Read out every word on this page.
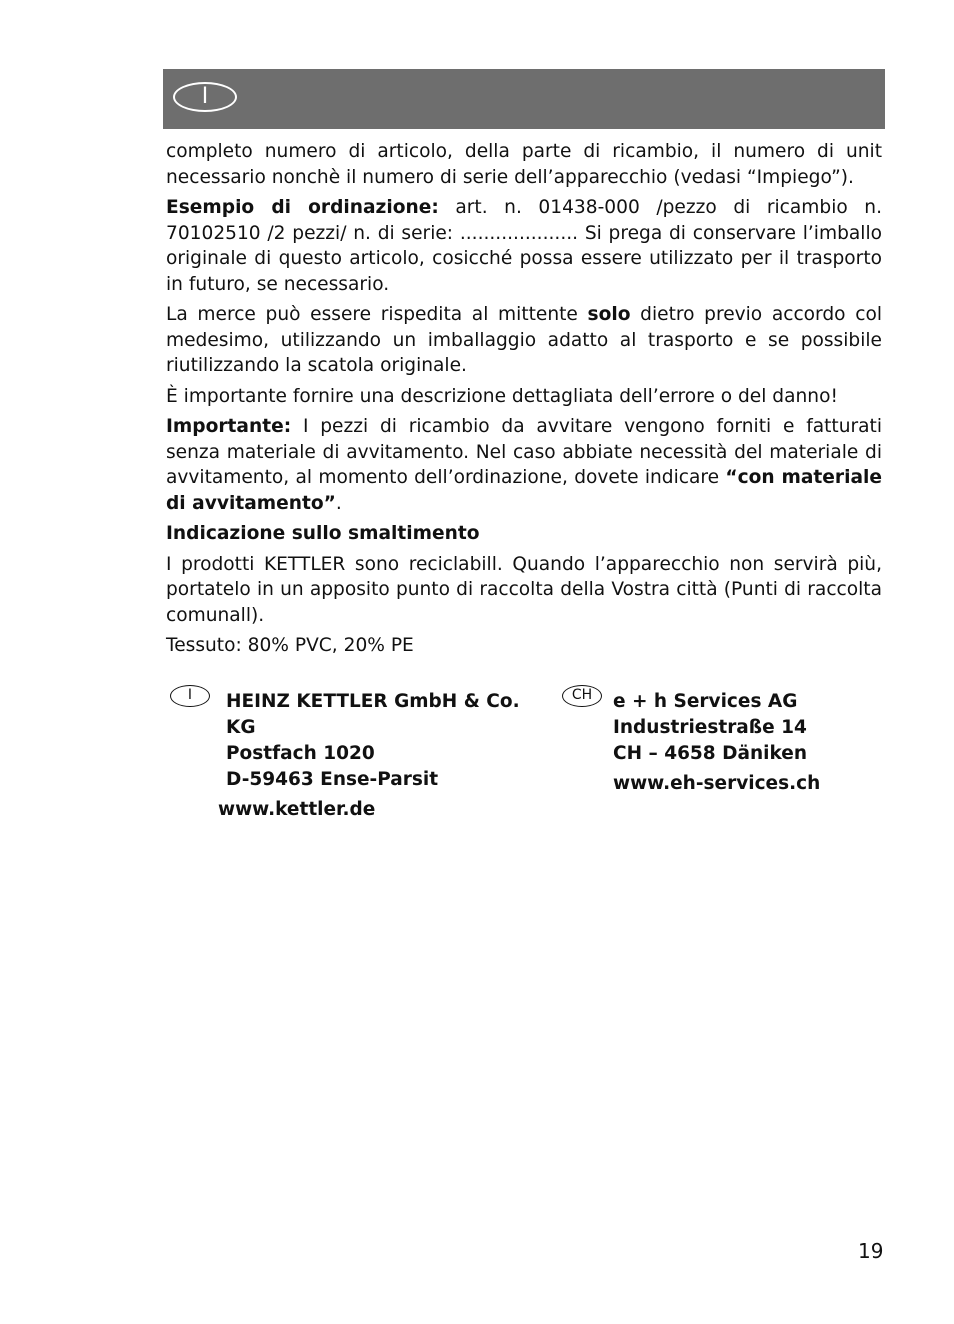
I

completo numero di articolo, della parte di ricambio, il numero di unit necessario nonchè il numero di serie dell’apparecchio (vedasi “Impiego”).

Esempio di ordinazione: art. n. 01438-000 /pezzo di ricambio n. 70102510 /2 pezzi/ n. di serie: .................... Si prega di conservare l’imballo originale di questo articolo, cosicché possa essere utilizzato per il trasporto in futuro, se necessario.

La merce può essere rispedita al mittente solo dietro previo accordo col medesimo, utilizzando un imballaggio adatto al trasporto e se possibile riutilizzando la scatola originale.

È importante fornire una descrizione dettagliata dell’errore o del danno!

Importante: I pezzi di ricambio da avvitare vengono forniti e fatturati senza materiale di avvitamento. Nel caso abbiate necessità del materiale di avvitamento, al momento dell’ordinazione, dovete indicare “con materiale di avvitamento”.

Indicazione sullo smaltimento

I prodotti KETTLER sono reciclabill. Quando l’apparecchio non servirà più, portatelo in un apposito punto di raccolta della Vostra città (Punti di raccolta comunall).

Tessuto: 80% PVC, 20% PE

I	HEINZ KETTLER GmbH & Co. KG
Postfach 1020
D-59463 Ense-Parsit
www.kettler.de
CH	e + h Services AG
Industriestraße 14
CH – 4658 Däniken
www.eh-services.ch
19
